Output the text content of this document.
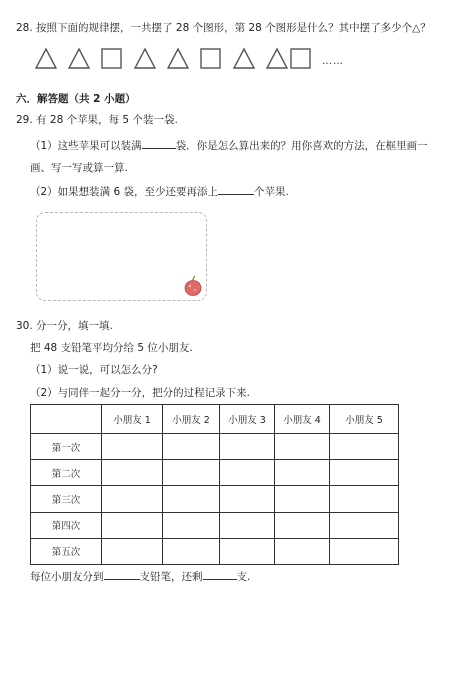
28. 按照下面的规律摆，一共摆了 28 个图形，第 28 个图形是什么？其中摆了多少个△？
……
六．解答题（共 2 小题）
29. 有 28 个苹果，每 5 个装一袋.
（1）这些苹果可以装满	袋．你是怎么算出来的？用你喜欢的方法，在框里画一
画、写一写或算一算.
（2）如果想装满 6 袋，至少还要再添上	个苹果.
30. 分一分，填一填.
把 48 支铅笔平均分给 5 位小朋友.
（1）说一说，可以怎么分?
（2）与同伴一起分一分，把分的过程记录下来.
	小朋友 1	小朋友 2	小朋友 3	小朋友 4	小朋友 5
第一次					
第二次					
第三次					
第四次					
第五次					
每位小朋友分到	支铅笔，还剩	支.
